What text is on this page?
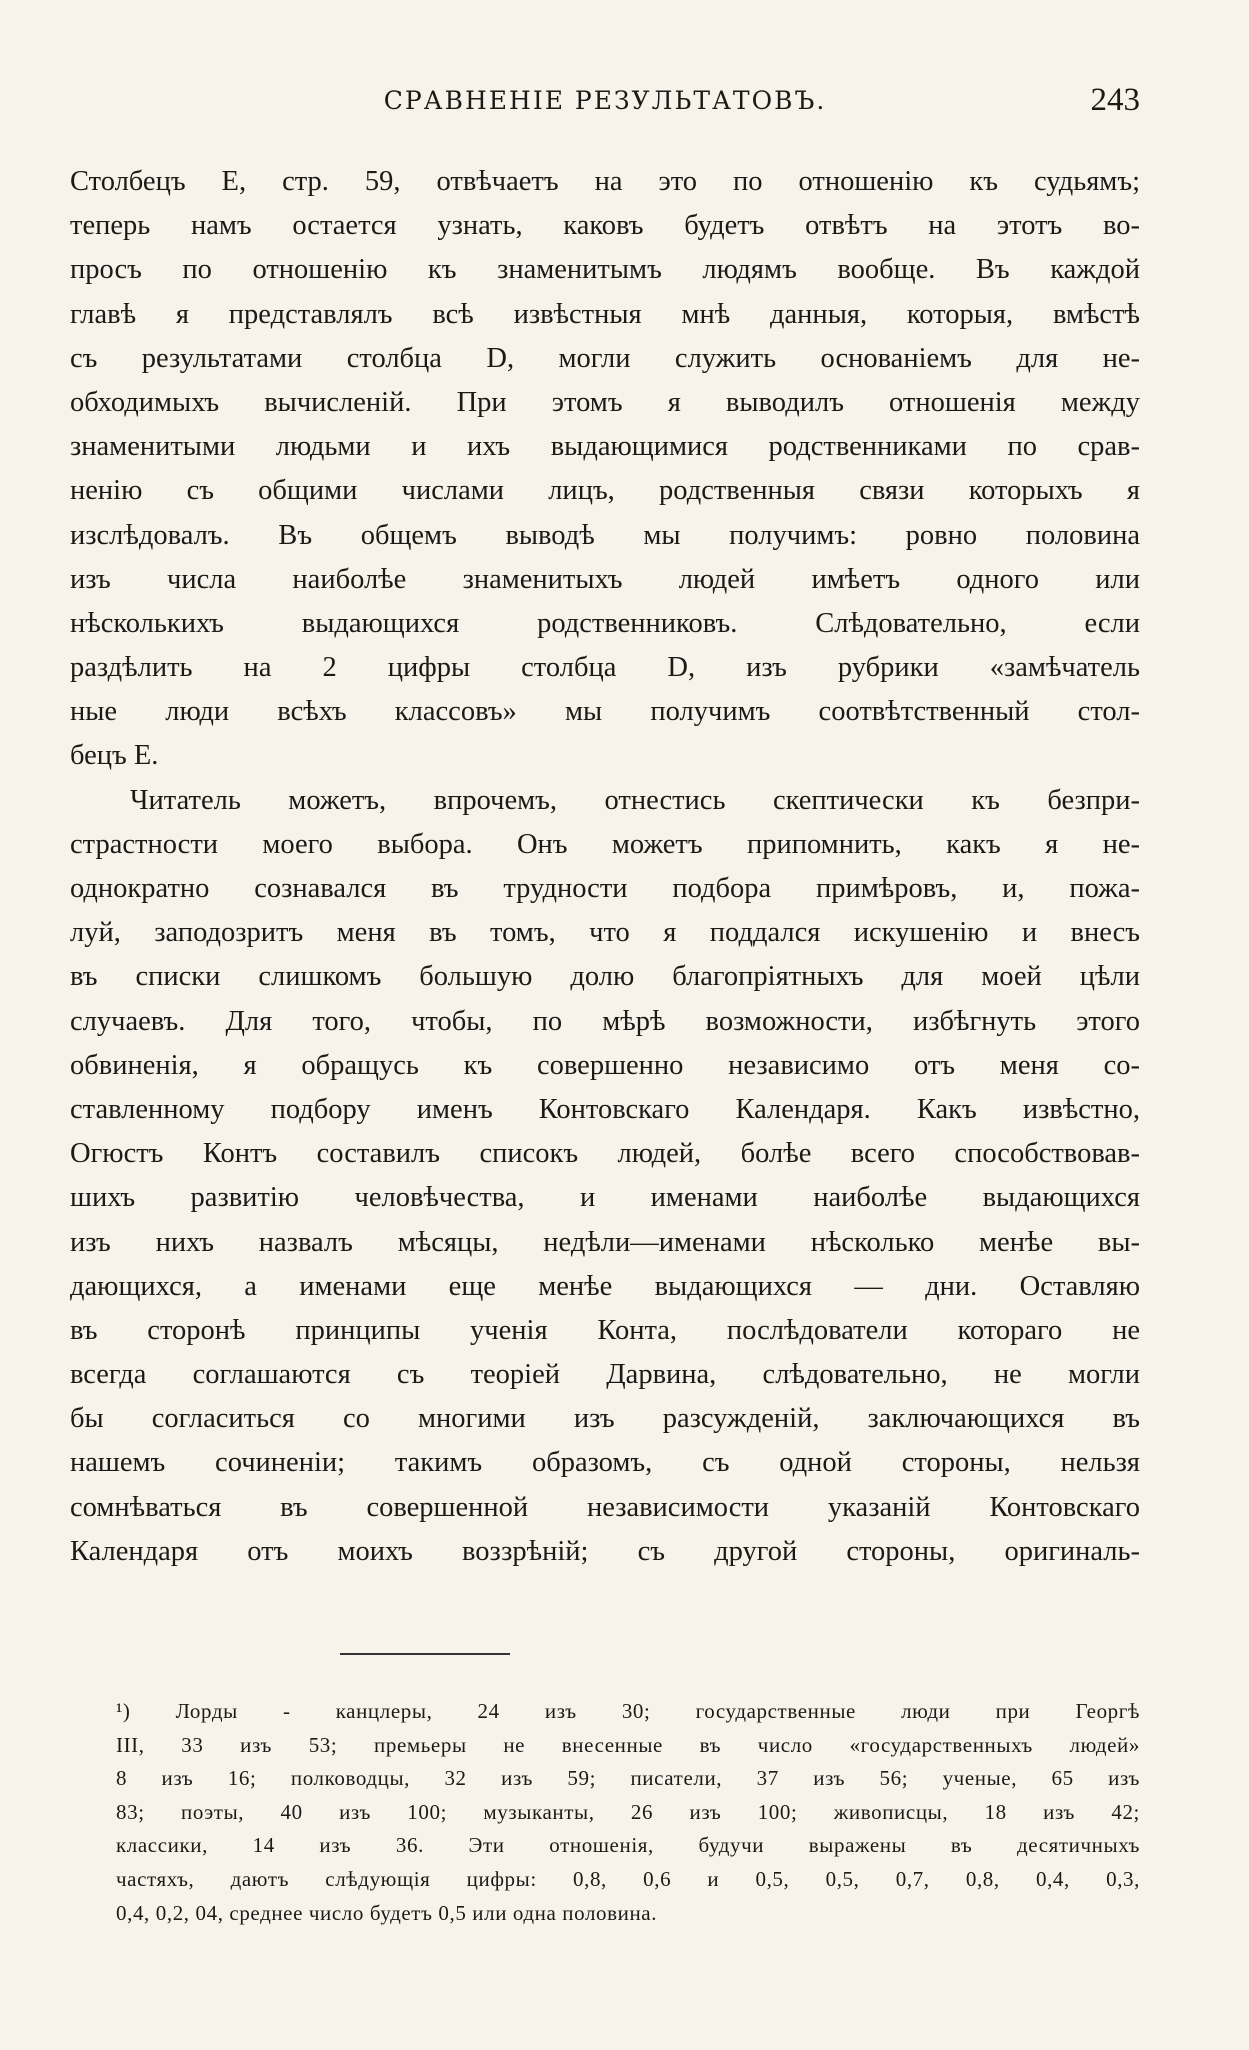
СРАВНЕНІЕ РЕЗУЛЬТАТОВЪ.	243
Столбецъ Е, стр. 59, отвѣчаетъ на это по отношенію къ судьямъ;
теперь намъ остается узнать, каковъ будетъ отвѣтъ на этотъ во-
просъ по отношенію къ знаменитымъ людямъ вообще. Въ каждой
главѣ я представлялъ всѣ извѣстныя мнѣ данныя, которыя, вмѣстѣ
съ результатами столбца D, могли служить основаніемъ для не-
обходимыхъ вычисленій. При этомъ я выводилъ отношенія между
знаменитыми людьми и ихъ выдающимися родственниками по срав-
ненію съ общими числами лицъ, родственныя связи которыхъ я
изслѣдовалъ. Въ общемъ выводѣ мы получимъ: ровно половина
изъ числа наиболѣе знаменитыхъ людей имѣетъ одного или
нѣсколькихъ выдающихся родственниковъ. Слѣдовательно, если
раздѣлить на 2 цифры столбца D, изъ рубрики «замѣчатель
ные люди всѣхъ классовъ» мы получимъ соотвѣтственный стол-
бецъ Е.
Читатель можетъ, впрочемъ, отнестись скептически къ безпри-
страстности моего выбора. Онъ можетъ припомнить, какъ я не-
однократно сознавался въ трудности подбора примѣровъ, и, пожа-
луй, заподозритъ меня въ томъ, что я поддался искушенію и внесъ
въ списки слишкомъ большую долю благопріятныхъ для моей цѣли
случаевъ. Для того, чтобы, по мѣрѣ возможности, избѣгнуть этого
обвиненія, я обращусь къ совершенно независимо отъ меня со-
ставленному подбору именъ Контовскаго Календаря. Какъ извѣстно,
Огюстъ Контъ составилъ списокъ людей, болѣе всего способствовав-
шихъ развитію человѣчества, и именами наиболѣе выдающихся
изъ нихъ назвалъ мѣсяцы, недѣли—именами нѣсколько менѣе вы-
дающихся, а именами еще менѣе выдающихся — дни. Оставляю
въ сторонѣ принципы ученія Конта, послѣдователи котораго не
всегда соглашаются съ теоріей Дарвина, слѣдовательно, не могли
бы согласиться со многими изъ разсужденій, заключающихся въ
нашемъ сочиненіи; такимъ образомъ, съ одной стороны, нельзя
сомнѣваться въ совершенной независимости указаній Контовскаго
Календаря отъ моихъ воззрѣній; съ другой стороны, оригиналь-
¹) Лорды - канцлеры, 24 изъ 30; государственные люди при Георгѣ
III, 33 изъ 53; премьеры не внесенные въ число «государственныхъ людей»
8 изъ 16; полководцы, 32 изъ 59; писатели, 37 изъ 56; ученые, 65 изъ
83; поэты, 40 изъ 100; музыканты, 26 изъ 100; живописцы, 18 изъ 42;
классики, 14 изъ 36. Эти отношенія, будучи выражены въ десятичныхъ
частяхъ, даютъ слѣдующія цифры: 0,8, 0,6 и 0,5, 0,5, 0,7, 0,8, 0,4, 0,3,
0,4, 0,2, 04, среднее число будетъ 0,5 или одна половина.
